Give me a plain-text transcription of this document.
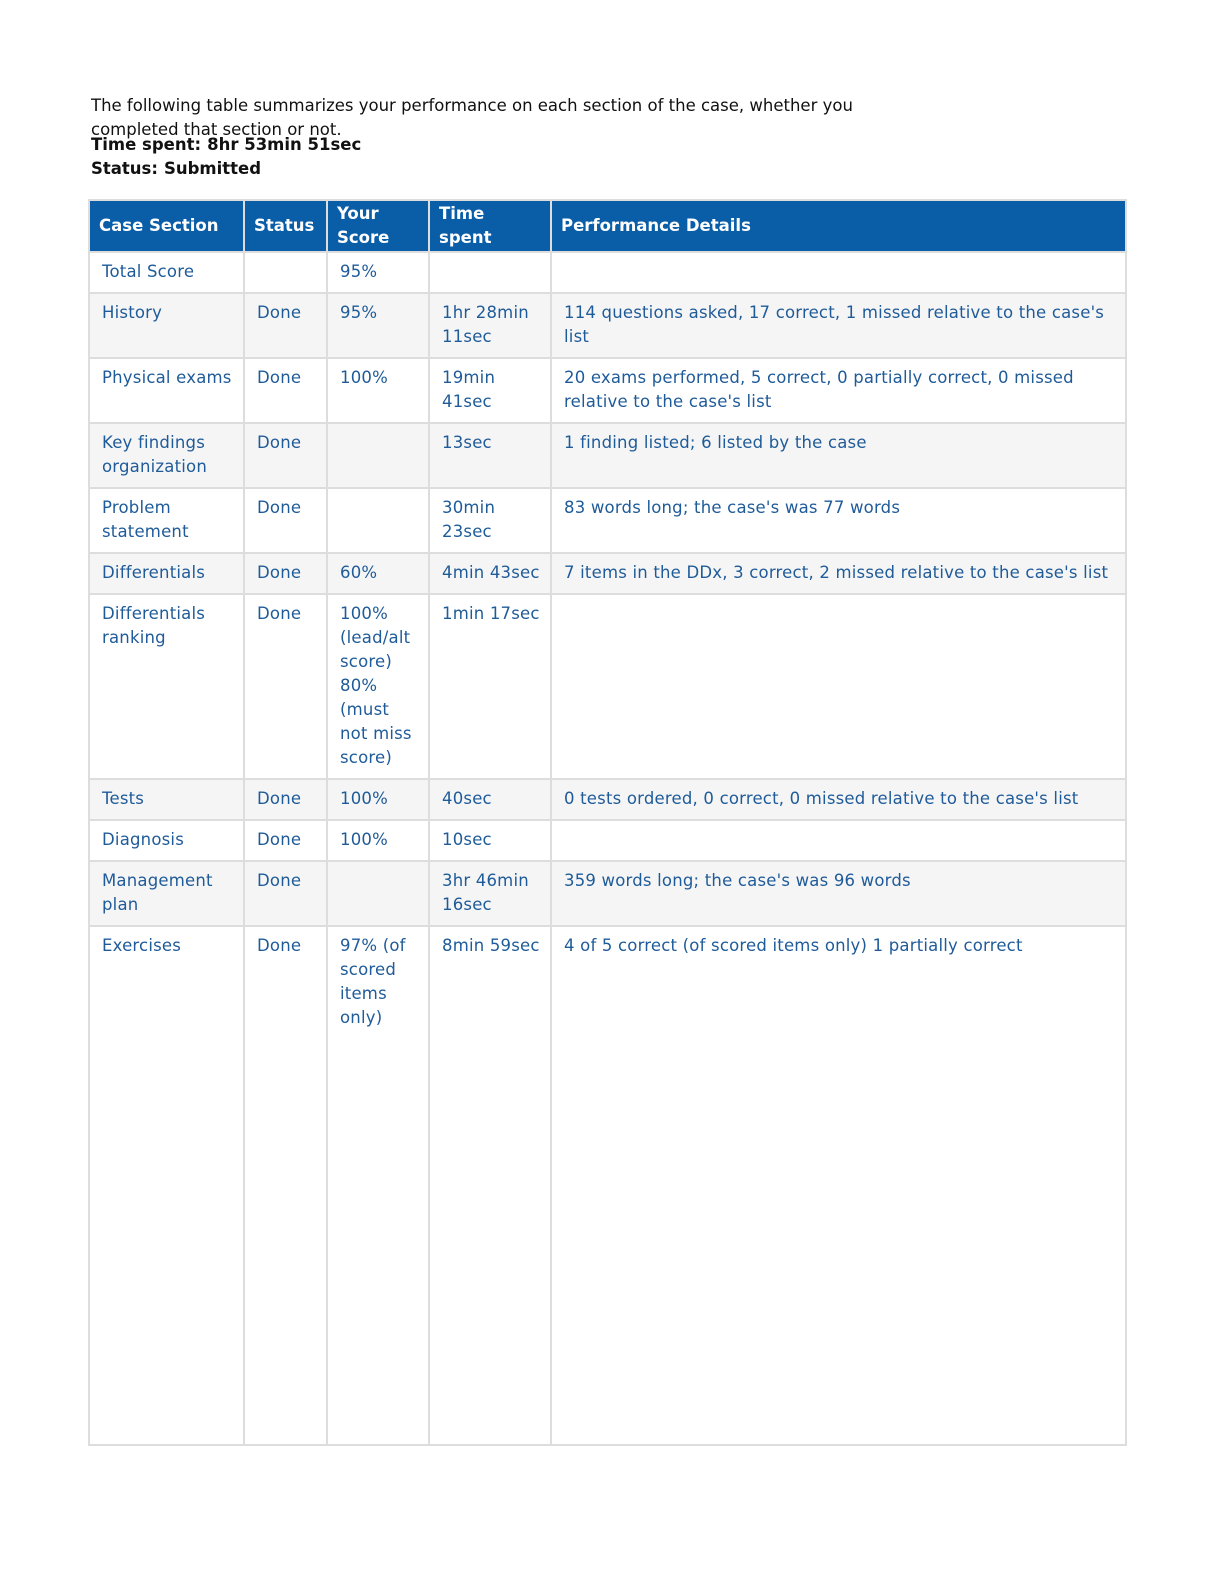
The following table summarizes your performance on each section of the case, whether you completed that section or not.

Time spent: 8hr 53min 51sec
Status: Submitted
Case Section	Status	Your Score	Time spent	Performance Details
Total Score		95%		
History	Done	95%	1hr 28min 11sec	114 questions asked, 17 correct, 1 missed relative to the case's list
Physical exams	Done	100%	19min 41sec	20 exams performed, 5 correct, 0 partially correct, 0 missed relative to the case's list
Key findings organization	Done		13sec	1 finding listed; 6 listed by the case
Problem statement	Done		30min 23sec	83 words long; the case's was 77 words
Differentials	Done	60%	4min 43sec	7 items in the DDx, 3 correct, 2 missed relative to the case's list
Differentials ranking	Done	100% (lead/alt score) 80% (must not miss score)	1min 17sec	
Tests	Done	100%	40sec	0 tests ordered, 0 correct, 0 missed relative to the case's list
Diagnosis	Done	100%	10sec	
Management plan	Done		3hr 46min 16sec	359 words long; the case's was 96 words
Exercises	Done	97% (of scored items only)	8min 59sec	4 of 5 correct (of scored items only) 1 partially correct
